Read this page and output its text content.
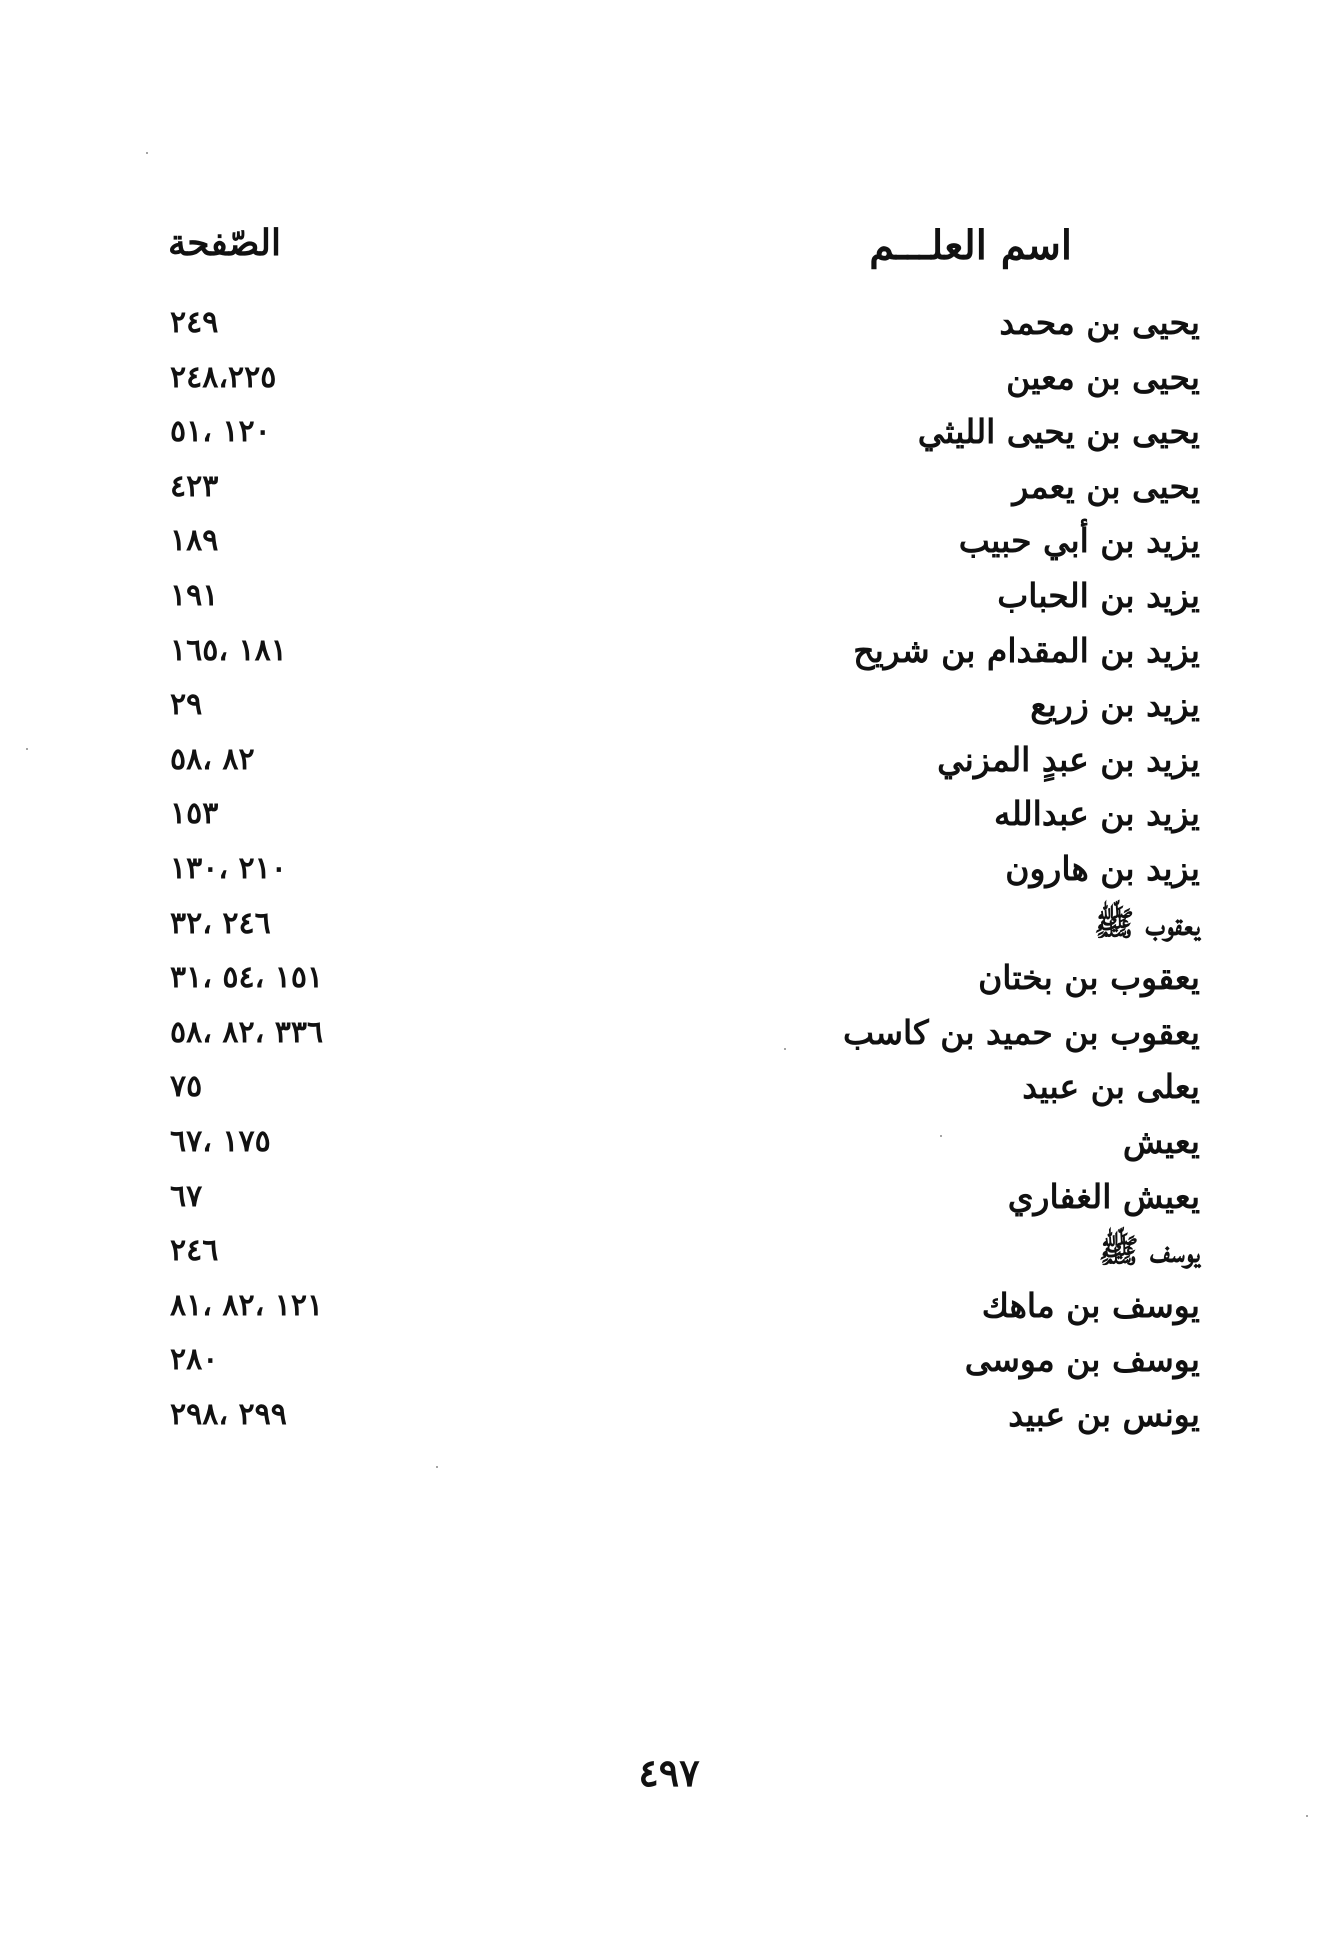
اسم العلـــم
الصّفحة
يحيى بن محمد
٢٤٩
يحيى بن معين
٢٤٨،٢٢٥
يحيى بن يحيى الليثي
١٢٠ ،٥١
يحيى بن يعمر
٤٢٣
يزيد بن أبي حبيب
١٨٩
يزيد بن الحباب
١٩١
يزيد بن المقدام بن شريح
١٨١ ،١٦٥
يزيد بن زريع
٢٩
يزيد بن عبدٍ المزني
٨٢ ،٥٨
يزيد بن عبدالله
١٥٣
يزيد بن هارون
٢١٠ ،١٣٠
يعقوب ﷺ
٢٤٦ ،٣٢
يعقوب بن بختان
١٥١ ،٥٤ ،٣١
يعقوب بن حميد بن كاسب
٣٣٦ ،٨٢ ،٥٨
يعلى بن عبيد
٧٥
يعيش
١٧٥ ،٦٧
يعيش الغفاري
٦٧
يوسف ﷺ
٢٤٦
يوسف بن ماهك
١٢١ ،٨٢ ،٨١
يوسف بن موسى
٢٨٠
يونس بن عبيد
٢٩٩ ،٢٩٨
٤٩٧
